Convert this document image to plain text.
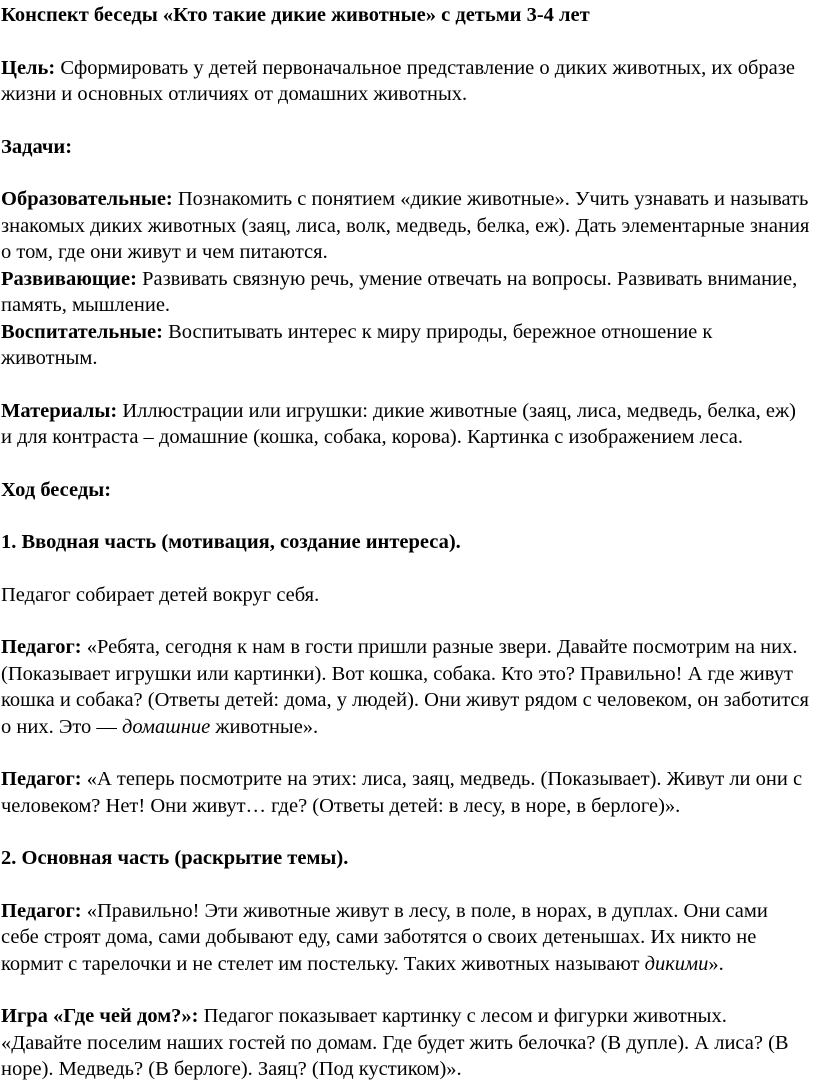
Конспект беседы «Кто такие дикие животные» с детьми 3-4 лет

Цель: Сформировать у детей первоначальное представление о диких животных, их образе жизни и основных отличиях от домашних животных.

Задачи:

Образовательные: Познакомить с понятием «дикие животные». Учить узнавать и называть знакомых диких животных (заяц, лиса, волк, медведь, белка, еж). Дать элементарные знания о том, где они живут и чем питаются.

Развивающие: Развивать связную речь, умение отвечать на вопросы. Развивать внимание, память, мышление.

Воспитательные: Воспитывать интерес к миру природы, бережное отношение к животным.

Материалы: Иллюстрации или игрушки: дикие животные (заяц, лиса, медведь, белка, еж) и для контраста – домашние (кошка, собака, корова). Картинка с изображением леса.

Ход беседы:

1. Вводная часть (мотивация, создание интереса).

Педагог собирает детей вокруг себя.

Педагог: «Ребята, сегодня к нам в гости пришли разные звери. Давайте посмотрим на них. (Показывает игрушки или картинки). Вот кошка, собака. Кто это? Правильно! А где живут кошка и собака? (Ответы детей: дома, у людей). Они живут рядом с человеком, он заботится о них. Это — домашние животные».

Педагог: «А теперь посмотрите на этих: лиса, заяц, медведь. (Показывает). Живут ли они с человеком? Нет! Они живут… где? (Ответы детей: в лесу, в норе, в берлоге)».

2. Основная часть (раскрытие темы).

Педагог: «Правильно! Эти животные живут в лесу, в поле, в норах, в дуплах. Они сами себе строят дома, сами добывают еду, сами заботятся о своих детенышах. Их никто не кормит с тарелочки и не стелет им постельку. Таких животных называют дикими».

Игра «Где чей дом?»: Педагог показывает картинку с лесом и фигурки животных. «Давайте поселим наших гостей по домам. Где будет жить белочка? (В дупле). А лиса? (В норе). Медведь? (В берлоге). Заяц? (Под кустиком)».
